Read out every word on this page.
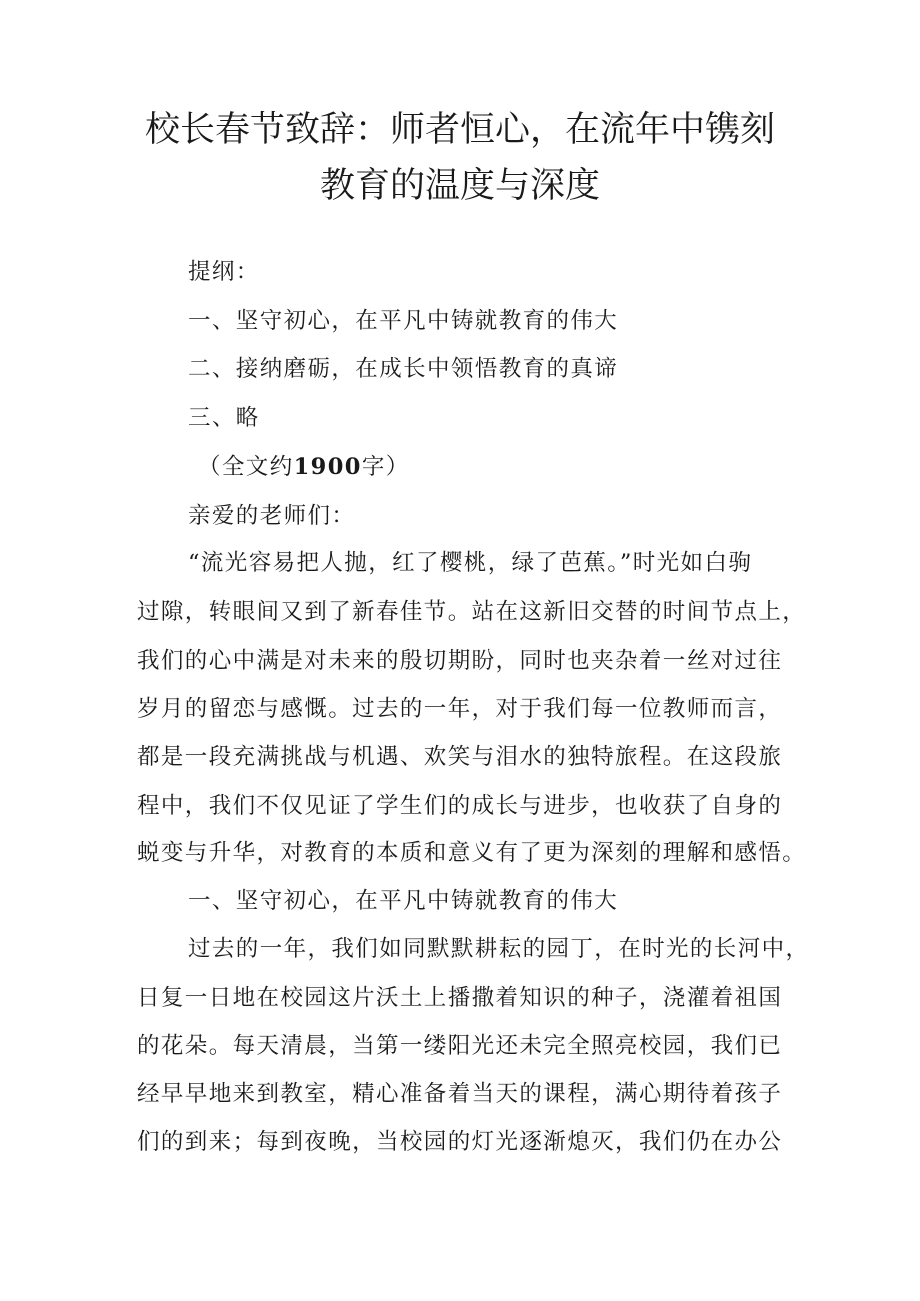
校长春节致辞：师者恒心，在流年中镌刻
教育的温度与深度
提纲：
一、坚守初心，在平凡中铸就教育的伟大
二、接纳磨砺，在成长中领悟教育的真谛
三、略
（全文约1900字）
亲爱的老师们：
“流光容易把人抛，红了樱桃，绿了芭蕉。”时光如白驹
过隙，转眼间又到了新春佳节。站在这新旧交替的时间节点上，
我们的心中满是对未来的殷切期盼，同时也夹杂着一丝对过往
岁月的留恋与感慨。过去的一年，对于我们每一位教师而言，
都是一段充满挑战与机遇、欢笑与泪水的独特旅程。在这段旅
程中，我们不仅见证了学生们的成长与进步，也收获了自身的
蜕变与升华，对教育的本质和意义有了更为深刻的理解和感悟。
一、坚守初心，在平凡中铸就教育的伟大
过去的一年，我们如同默默耕耘的园丁，在时光的长河中，
日复一日地在校园这片沃土上播撒着知识的种子，浇灌着祖国
的花朵。每天清晨，当第一缕阳光还未完全照亮校园，我们已
经早早地来到教室，精心准备着当天的课程，满心期待着孩子
们的到来；每到夜晚，当校园的灯光逐渐熄灭，我们仍在办公
